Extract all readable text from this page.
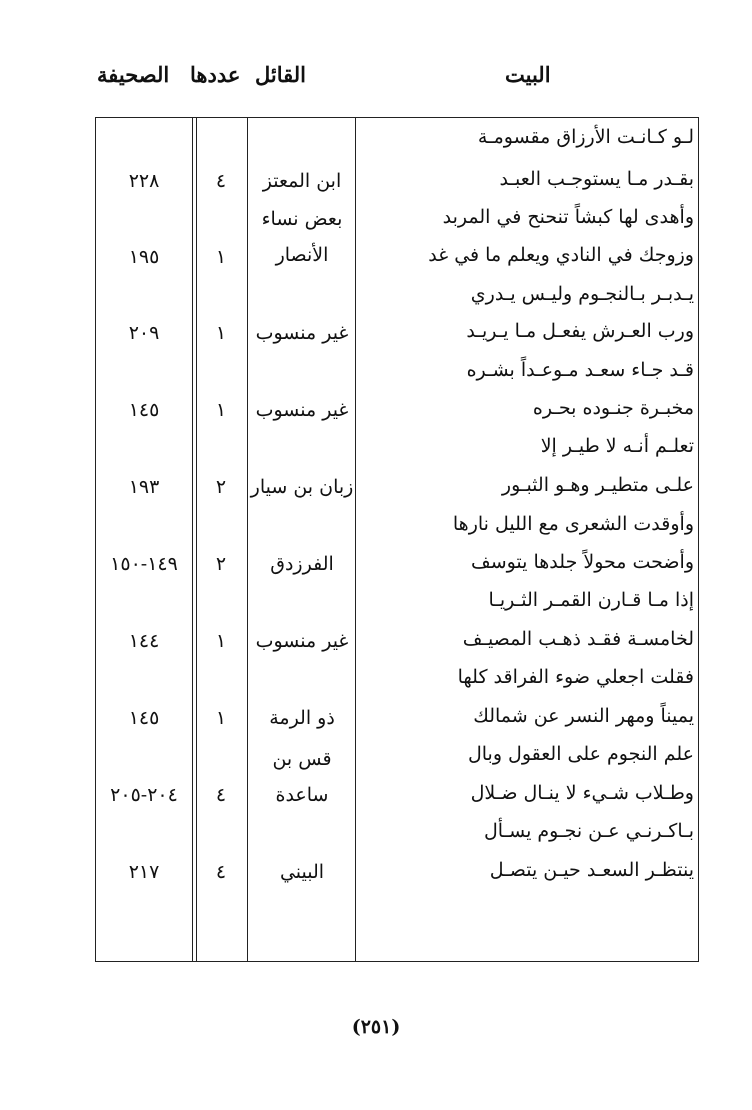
البيت
القائل
عددها
الصحيفة
لـو كـانـت الأرزاق مقسومـة
بقـدر مـا يستوجـب العبـد
ابن المعتز
٤
٢٢٨
وأهدى لها كبشاً تنحنح في المربد
وزوجك في النادي ويعلم ما في غد
بعض نساء
الأنصار
١
١٩٥
يـدبـر بـالنجـوم وليـس يـدري
ورب العـرش يفعـل مـا يـريـد
غير منسوب
١
٢٠٩
قـد جـاء سعـد مـوعـداً بشـره
مخبـرة جنـوده بحـره
غير منسوب
١
١٤٥
تعلـم أنـه لا طيـر إلا
علـى متطيـر وهـو الثبـور
زبان بن سيار
٢
١٩٣
وأوقدت الشعرى مع الليل نارها
وأضحت محولاً جلدها يتوسف
الفرزدق
٢
١٤٩-١٥٠
إذا مـا قـارن القمـر الثـريـا
لخامسـة فقـد ذهـب المصيـف
غير منسوب
١
١٤٤
فقلت اجعلي ضوء الفراقد كلها
يميناً ومهر النسر عن شمالك
ذو الرمة
١
١٤٥
علم النجوم على العقول وبال
وطـلاب شـيء لا ينـال ضـلال
قس بن
ساعدة
٤
٢٠٤-٢٠٥
بـاكـرنـي عـن نجـوم يسـأل
ينتظـر السعـد حيـن يتصـل
البيني
٤
٢١٧
(٢٥١)
